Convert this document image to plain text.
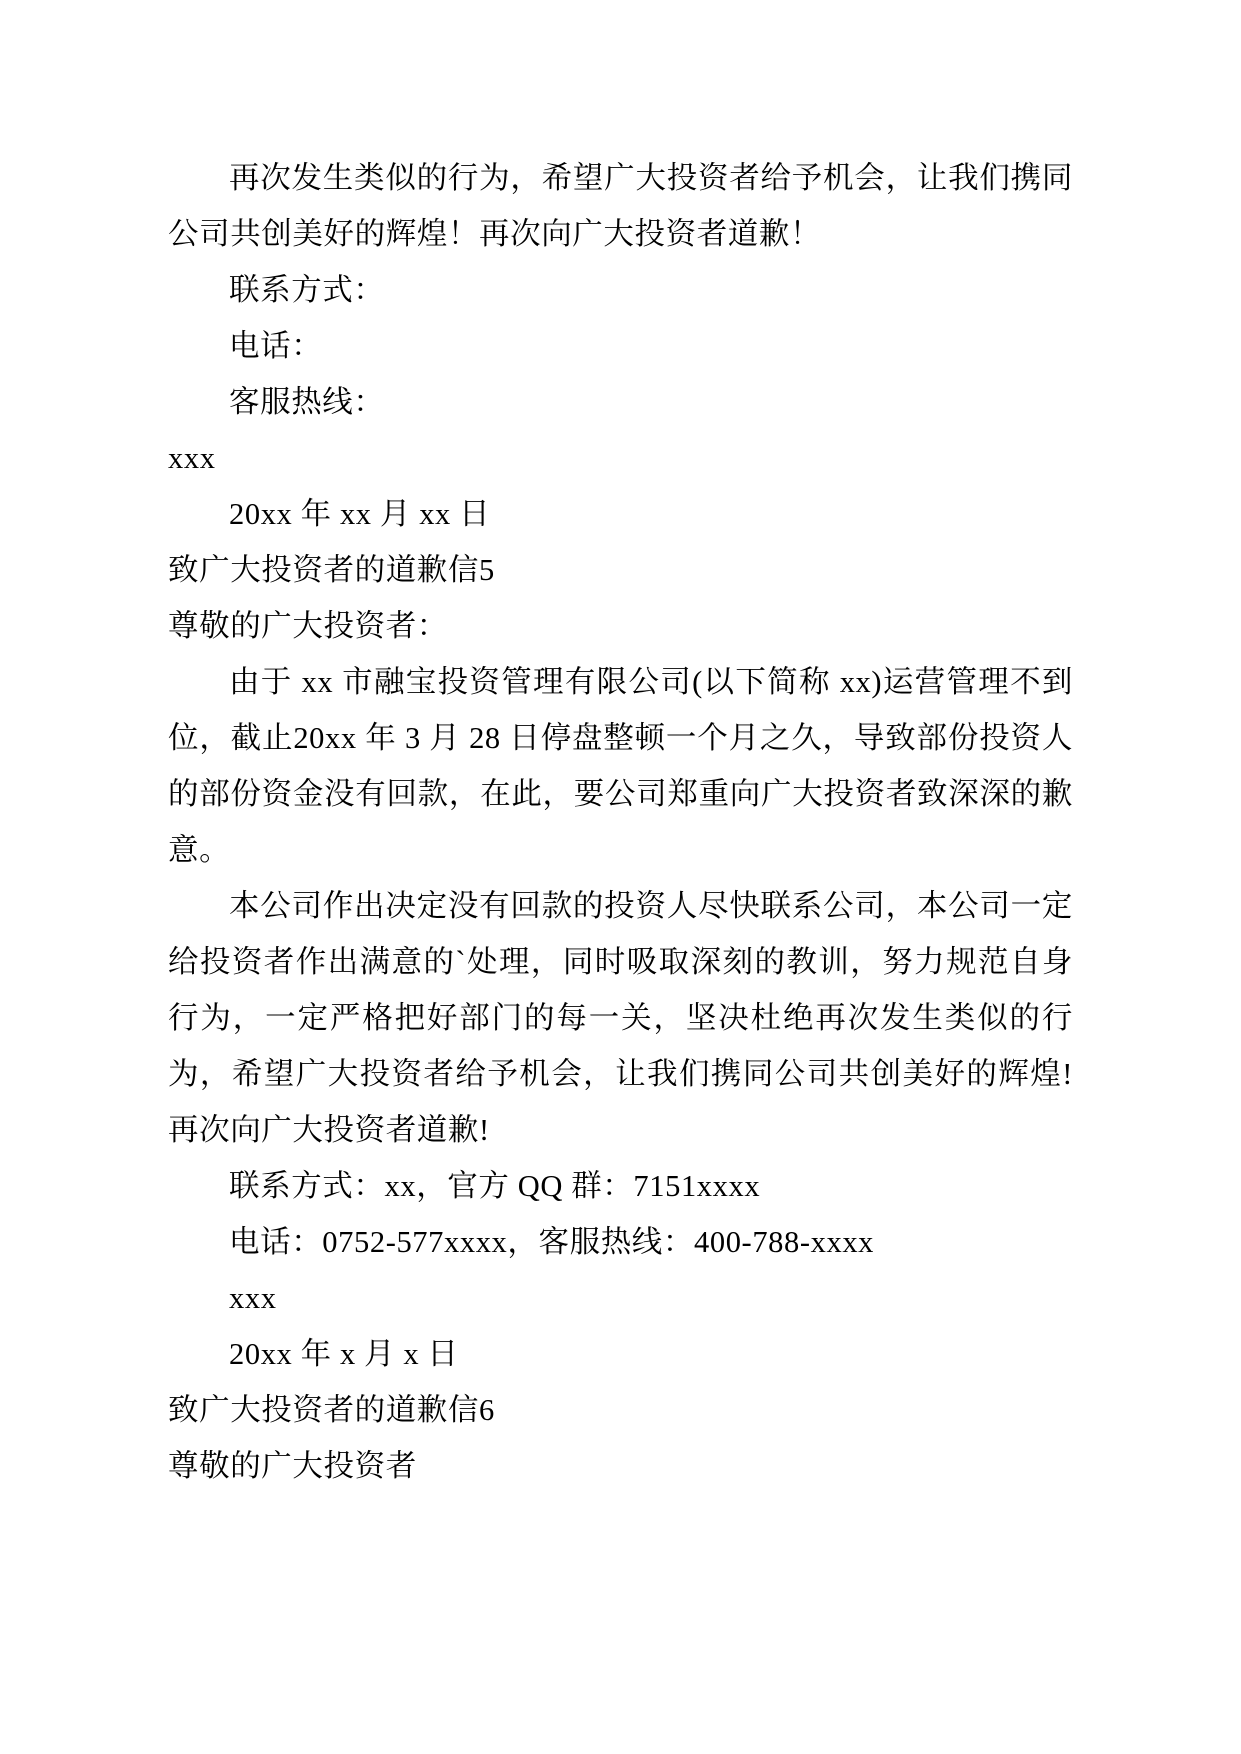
再次发生类似的行为，希望广大投资者给予机会，让我们携同公司共创美好的辉煌！再次向广大投资者道歉！

联系方式：

电话：

客服热线：

xxx

20xx 年 xx 月 xx 日

致广大投资者的道歉信5

尊敬的广大投资者：

由于 xx 市融宝投资管理有限公司(以下简称 xx)运营管理不到位，截止20xx 年 3 月 28 日停盘整顿一个月之久，导致部份投资人的部份资金没有回款，在此，要公司郑重向广大投资者致深深的歉意。

本公司作出决定没有回款的投资人尽快联系公司，本公司一定给投资者作出满意的`处理，同时吸取深刻的教训，努力规范自身行为，一定严格把好部门的每一关，坚决杜绝再次发生类似的行为，希望广大投资者给予机会，让我们携同公司共创美好的辉煌!再次向广大投资者道歉!

联系方式：xx，官方 QQ 群：7151xxxx

电话：0752-577xxxx，客服热线：400-788-xxxx

xxx

20xx 年 x 月 x 日

致广大投资者的道歉信6

尊敬的广大投资者
